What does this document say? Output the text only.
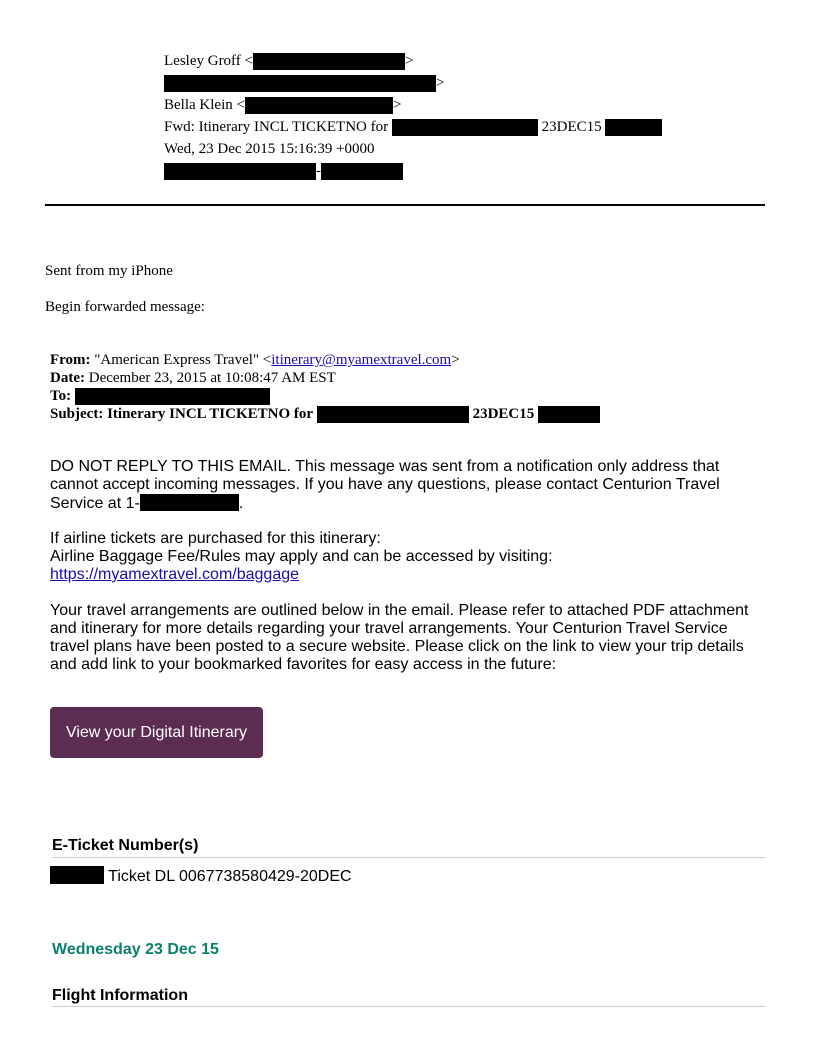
Lesley Groff <	>
>
Bella Klein <	>
Fwd: Itinerary INCL TICKETNO for	23DEC15
Wed, 23 Dec 2015 15:16:39 +0000
-
Sent from my iPhone
Begin forwarded message:
From: "American Express Travel" <itinerary@myamextravel.com>
Date: December 23, 2015 at 10:08:47 AM EST
To:
Subject: Itinerary INCL TICKETNO for	23DEC15
DO NOT REPLY TO THIS EMAIL. This message was sent from a notification only address that cannot accept incoming messages. If you have any questions, please contact Centurion Travel Service at 1-	.
If airline tickets are purchased for this itinerary:
Airline Baggage Fee/Rules may apply and can be accessed by visiting:
https://myamextravel.com/baggage
Your travel arrangements are outlined below in the email. Please refer to attached PDF attachment and itinerary for more details regarding your travel arrangements. Your Centurion Travel Service travel plans have been posted to a secure website. Please click on the link to view your trip details and add link to your bookmarked favorites for easy access in the future:
View your Digital Itinerary
E-Ticket Number(s)
Ticket DL 0067738580429-20DEC
Wednesday 23 Dec 15
Flight Information
